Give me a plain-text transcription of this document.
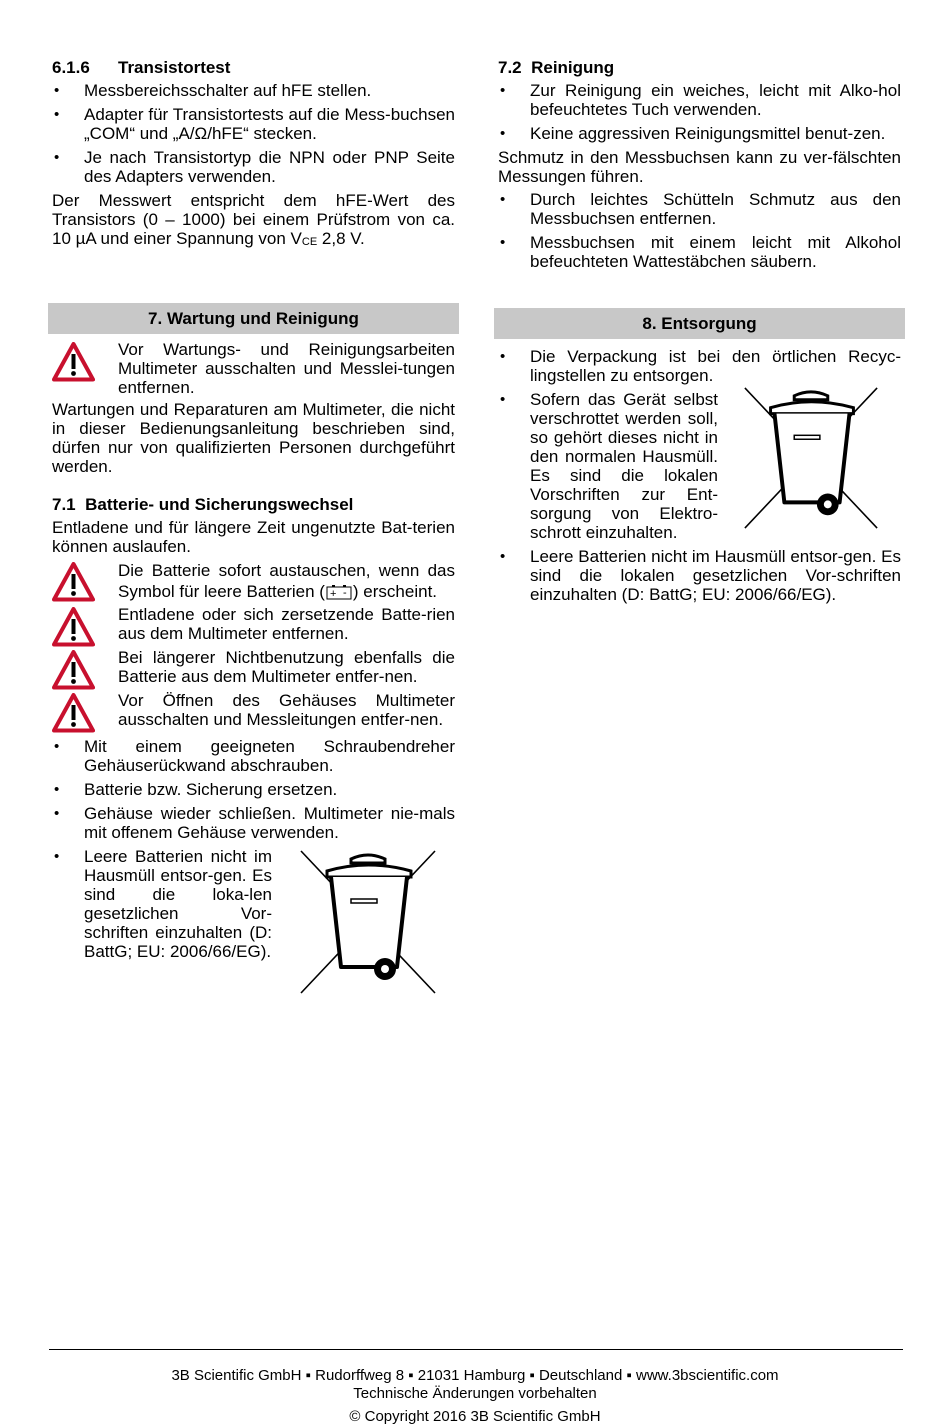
6.1.6 Transistortest
• Messbereichsschalter auf hFE stellen.
• Adapter für Transistortests auf die Mess-buchsen „COM“ und „A/Ω/hFE“ stecken.
• Je nach Transistortyp die NPN oder PNP Seite des Adapters verwenden.

Der Messwert entspricht dem hFE-Wert des Transistors (0 – 1000) bei einem Prüfstrom von ca. 10 µA und einer Spannung von $V_{CE}$ 2,8 V.

7. Wartung und Reinigung
Vor Wartungs- und Reinigungsarbeiten Multimeter ausschalten und Messlei-tungen entfernen.

Wartungen und Reparaturen am Multimeter, die nicht in dieser Bedienungsanleitung beschrieben sind, dürfen nur von qualifizierten Personen durchgeführt werden.

7.1 Batterie- und Sicherungswechsel

Entladene und für längere Zeit ungenutzte Bat-terien können auslaufen.

Die Batterie sofort austauschen, wenn das Symbol für leere Batterien ( + - ) erscheint.
Entladene oder sich zersetzende Batte-rien aus dem Multimeter entfernen.
Bei längerer Nichtbenutzung ebenfalls die Batterie aus dem Multimeter entfer-nen.
Vor Öffnen des Gehäuses Multimeter ausschalten und Messleitungen entfer-nen.
• Mit einem geeigneten Schraubendreher Gehäuserückwand abschrauben.
• Batterie bzw. Sicherung ersetzen.
• Gehäuse wieder schließen. Multimeter nie-mals mit offenem Gehäuse verwenden.
• Leere Batterien nicht im Hausmüll entsor-gen. Es sind die loka-len gesetzlichen Vor-schriften einzuhalten (D: BattG; EU: 2006/66/EG).
7.2 Reinigung
• Zur Reinigung ein weiches, leicht mit Alko-hol befeuchtetes Tuch verwenden.
• Keine aggressiven Reinigungsmittel benut-zen.

Schmutz in den Messbuchsen kann zu ver-fälschten Messungen führen.

• Durch leichtes Schütteln Schmutz aus den Messbuchsen entfernen.
• Messbuchsen mit einem leicht mit Alkohol befeuchteten Wattestäbchen säubern.
8. Entsorgung
• Die Verpackung ist bei den örtlichen Recyc-lingstellen zu entsorgen.
• Sofern das Gerät selbst verschrottet werden soll, so gehört dieses nicht in den normalen Hausmüll. Es sind die lokalen Vorschriften zur Ent-sorgung von Elektro-schrott einzuhalten.
• Leere Batterien nicht im Hausmüll entsor-gen. Es sind die lokalen gesetzlichen Vor-schriften einzuhalten (D: BattG; EU: 2006/66/EG).
3B Scientific GmbH ▪ Rudorffweg 8 ▪ 21031 Hamburg ▪ Deutschland ▪ www.3bscientific.com
Technische Änderungen vorbehalten
© Copyright 2016 3B Scientific GmbH
